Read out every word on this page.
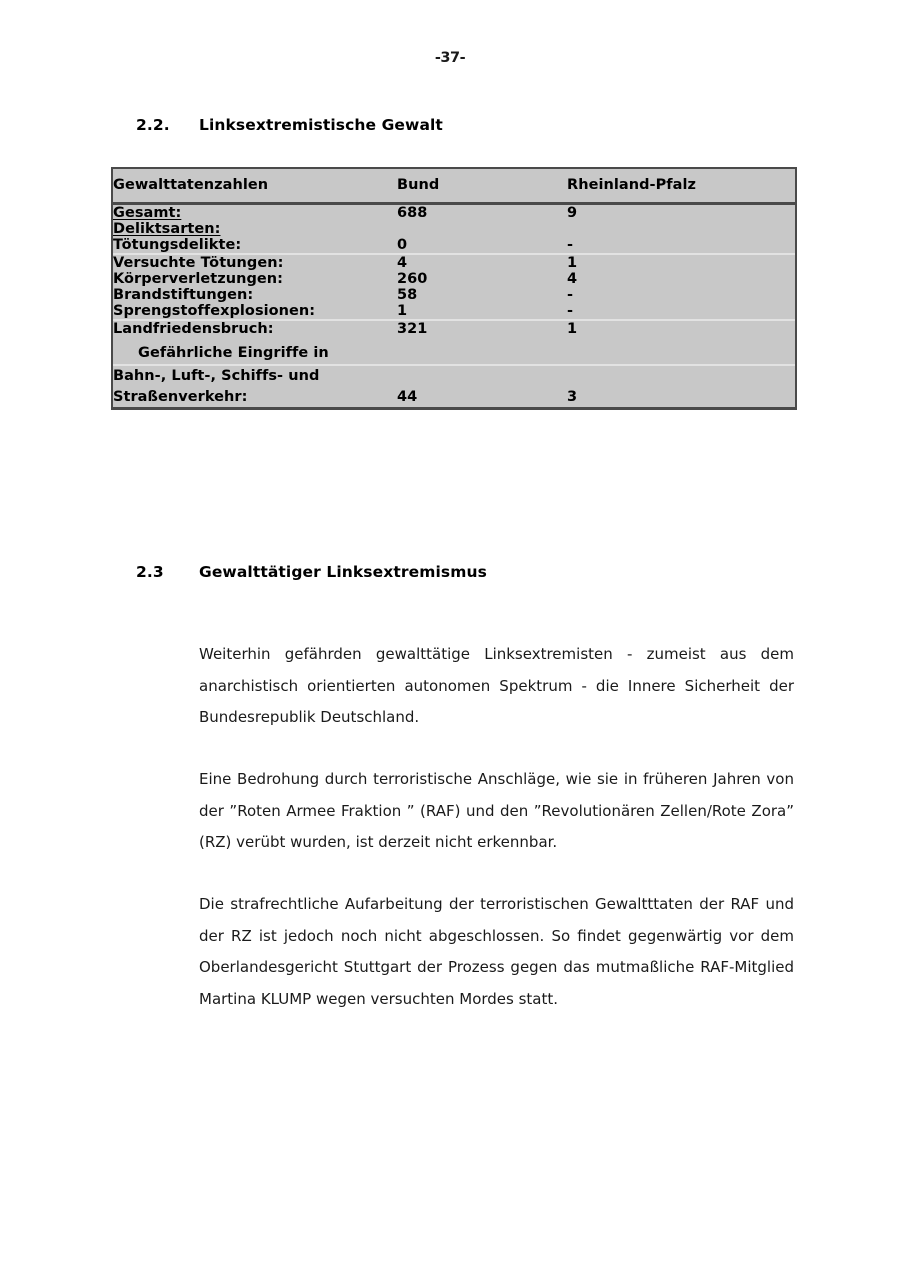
-37-
2.2. Linksextremistische Gewalt
Gewalttatenzahlen	Bund	Rheinland-Pfalz
Gesamt:	688	9
Deliktsarten:		
Tötungsdelikte:	0	-
Versuchte Tötungen:	4	1
Körperverletzungen:	260	4
Brandstiftungen:	58	-
Sprengstoffexplosionen:	1	-
Landfriedensbruch:	321	1
Gefährliche Eingriffe in		

Bahn-, Luft-, Schiffs- und
Straßenverkehr:	44	3
2.3 Gewalttätiger Linksextremismus

Weiterhin gefährden gewalttätige Linksextremisten - zumeist aus dem anarchistisch orientierten autonomen Spektrum - die Innere Sicherheit der Bundesrepublik Deutschland.

Eine Bedrohung durch terroristische Anschläge, wie sie in früheren Jahren von der ”Roten Armee Fraktion ” (RAF) und den ”Revolutionären Zellen/Rote Zora” (RZ) verübt wurden, ist derzeit nicht erkennbar.

Die strafrechtliche Aufarbeitung der terroristischen Gewaltttaten der RAF und der RZ ist jedoch noch nicht abgeschlossen. So findet gegenwärtig vor dem Oberlandesgericht Stuttgart der Prozess gegen das mutmaßliche RAF-Mitglied Martina KLUMP wegen versuchten Mordes statt.
